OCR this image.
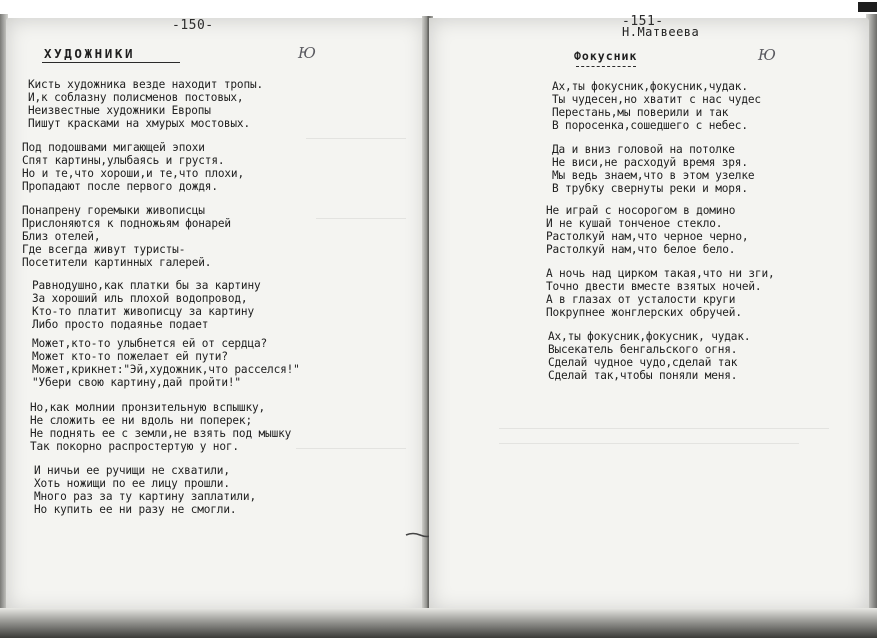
-150-
ХУДОЖНИКИ	Ю
Кисть художника везде находит тропы.
И,к соблазну полисменов постовых,
Неизвестные художники Европы
Пишут красками на хмурых мостовых.
Под подошвами мигающей эпохи
Спят картины,улыбаясь и грустя.
Но и те,что хороши,и те,что плохи,
Пропадают после первого дождя.
Понапрену горемыки живописцы
Прислоняются к подножьям фонарей
Близ отелей,
Где всегда живут туристы-
Посетители картинных галерей.
Равнодушно,как платки бы за картину
За хороший иль плохой водопровод,
Кто-то платит живописцу за картину
Либо просто подаянье подает
Может,кто-то улыбнется ей от сердца?
Может кто-то пожелает ей пути?
Может,крикнет:"Эй,художник,что расселся!"
"Убери свою картину,дай пройти!"
Но,как молнии пронзительную вспышку,
Не сложить ее ни вдоль ни поперек;
Не поднять ее с земли,не взять под мышку
Так покорно распростертую у ног.
И ничьи ее ручищи не схватили,
Хоть ножищи по ее лицу прошли.
Много раз за ту картину заплатили,
Но купить ее ни разу не смогли.
-151-
Н.Матвеева
Фокусник	Ю
Ах,ты фокусник,фокусник,чудак.
Ты чудесен,но хватит с нас чудес
Перестань,мы поверили и так
В поросенка,сошедшего с небес.
Да и вниз головой на потолке
Не виси,не расходуй время зря.
Мы ведь знаем,что в этом узелке
В трубку свернуты реки и моря.
Не играй с носорогом в домино
И не кушай тонченое стекло.
Растолкуй нам,что черное черно,
Растолкуй нам,что белое бело.
А ночь над цирком такая,что ни зги,
Точно двести вместе взятых ночей.
А в глазах от усталости круги
Покрупнее жонглерских обручей.
Ах,ты фокусник,фокусник, чудак.
Высекатель бенгальского огня.
Сделай чудное чудо,сделай так
Сделай так,чтобы поняли меня.
